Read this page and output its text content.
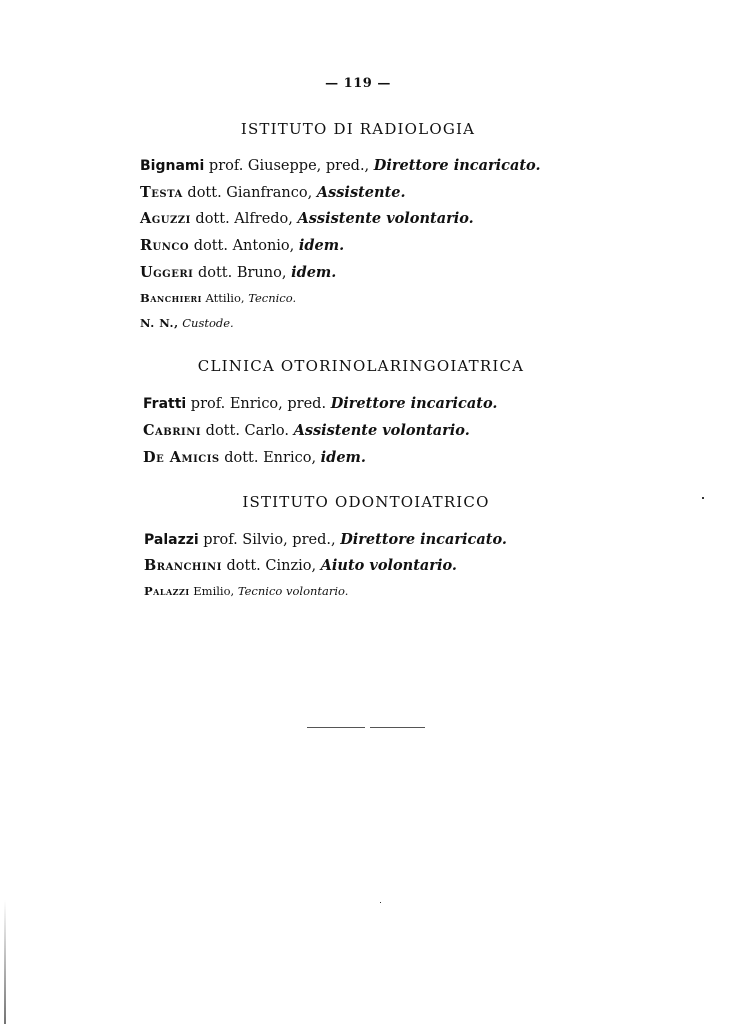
— 119 —
ISTITUTO DI RADIOLOGIA
Bignami prof. Giuseppe, pred., Direttore incaricato.
Testa dott. Gianfranco, Assistente.
Aguzzi dott. Alfredo, Assistente volontario.
Runco dott. Antonio, idem.
Uggeri dott. Bruno, idem.
Banchieri Attilio, Tecnico.
N. N., Custode.
CLINICA OTORINOLARINGOIATRICA
Fratti prof. Enrico, pred. Direttore incaricato.
Cabrini dott. Carlo. Assistente volontario.
De Amicis dott. Enrico, idem.
ISTITUTO ODONTOIATRICO
Palazzi prof. Silvio, pred., Direttore incaricato.
Branchini dott. Cinzio, Aiuto volontario.
Palazzi Emilio, Tecnico volontario.
